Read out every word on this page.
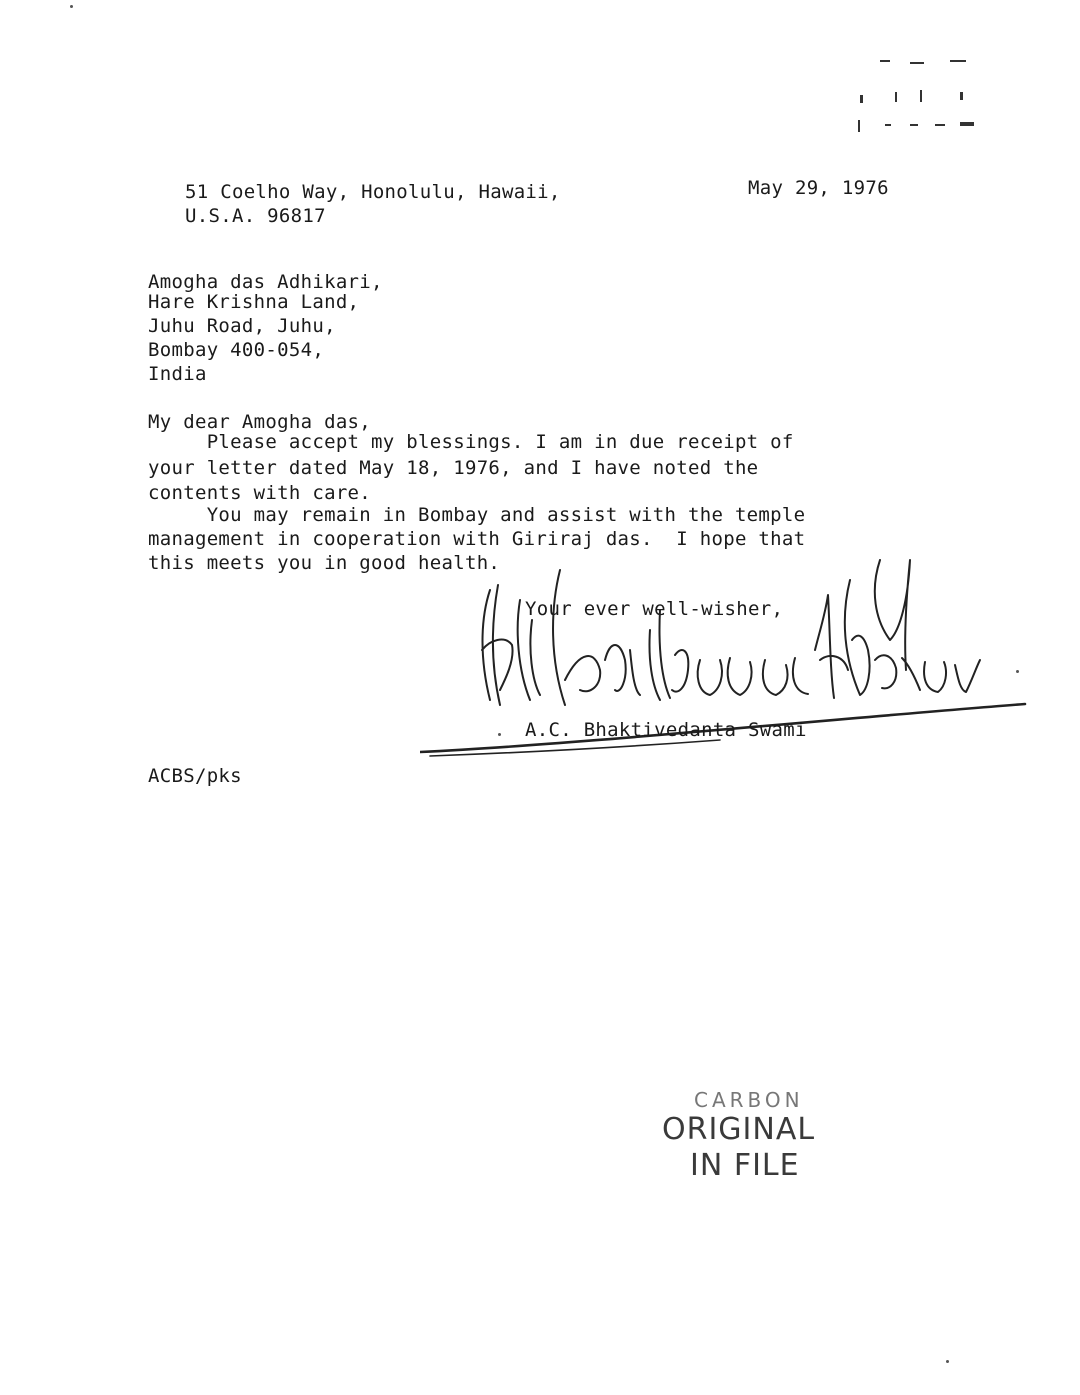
51 Coelho Way, Honolulu, Hawaii,
U.S.A. 96817
May 29, 1976
Amogha das Adhikari,
Hare Krishna Land,
Juhu Road, Juhu,
Bombay 400-054,
India
My dear Amogha das,
Please accept my blessings. I am in due receipt of
your letter dated May 18, 1976, and I have noted the
contents with care.
You may remain in Bombay and assist with the temple
management in cooperation with Giriraj das.  I hope that
this meets you in good health.
Your ever well-wisher,
A.C. Bhaktivedanta Swami
ACBS/pks
CARBON
ORIGINAL
IN FILE
